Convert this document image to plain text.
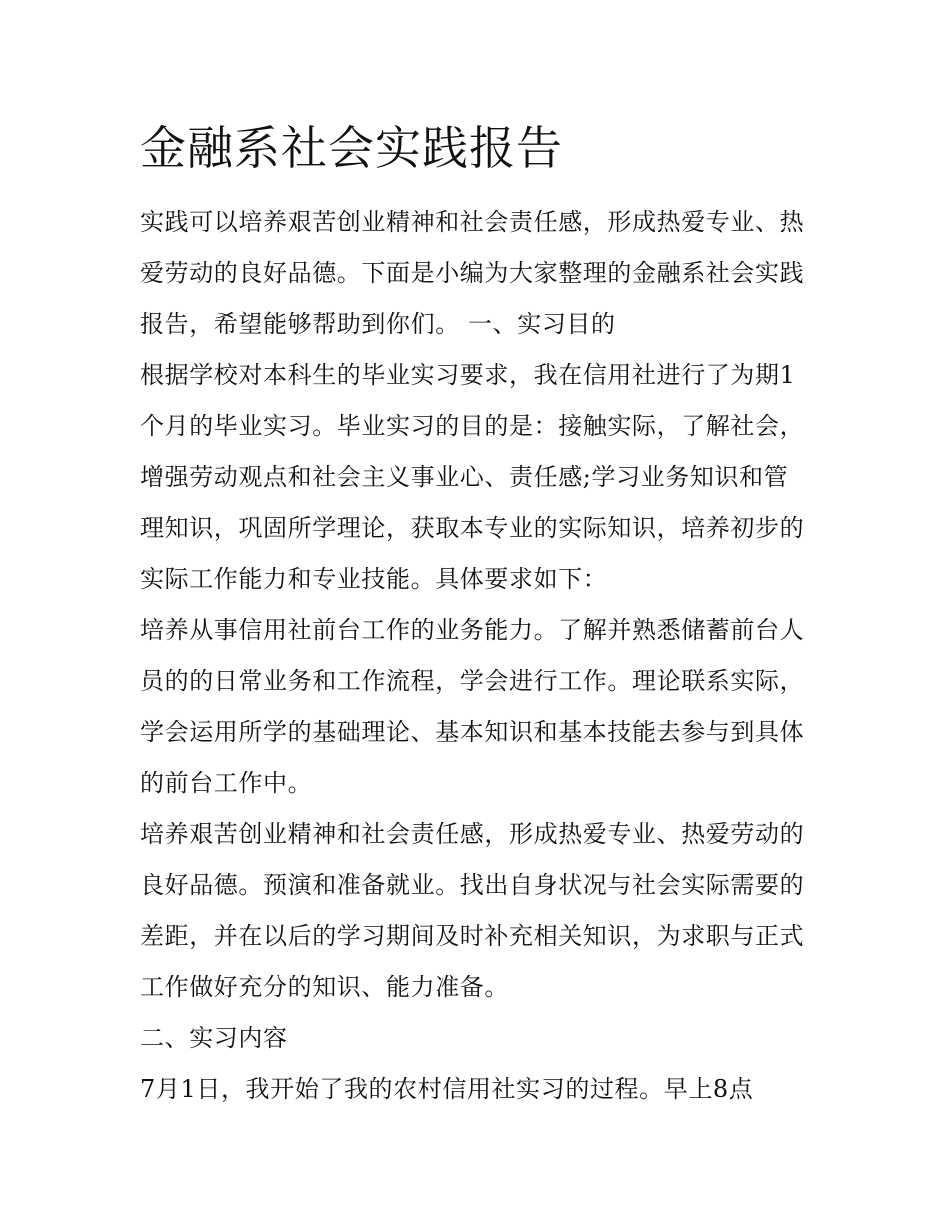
金融系社会实践报告

实践可以培养艰苦创业精神和社会责任感，形成热爱专业、热

爱劳动的良好品德。下面是小编为大家整理的金融系社会实践

报告，希望能够帮助到你们。 一、实习目的

根据学校对本科生的毕业实习要求，我在信用社进行了为期1

个月的毕业实习。毕业实习的目的是：接触实际，了解社会，

增强劳动观点和社会主义事业心、责任感;学习业务知识和管

理知识，巩固所学理论，获取本专业的实际知识，培养初步的

实际工作能力和专业技能。具体要求如下：

培养从事信用社前台工作的业务能力。了解并熟悉储蓄前台人

员的的日常业务和工作流程，学会进行工作。理论联系实际，

学会运用所学的基础理论、基本知识和基本技能去参与到具体

的前台工作中。

培养艰苦创业精神和社会责任感，形成热爱专业、热爱劳动的

良好品德。预演和准备就业。找出自身状况与社会实际需要的

差距，并在以后的学习期间及时补充相关知识，为求职与正式

工作做好充分的知识、能力准备。

二、实习内容

7月1日，我开始了我的农村信用社实习的过程。早上8点
